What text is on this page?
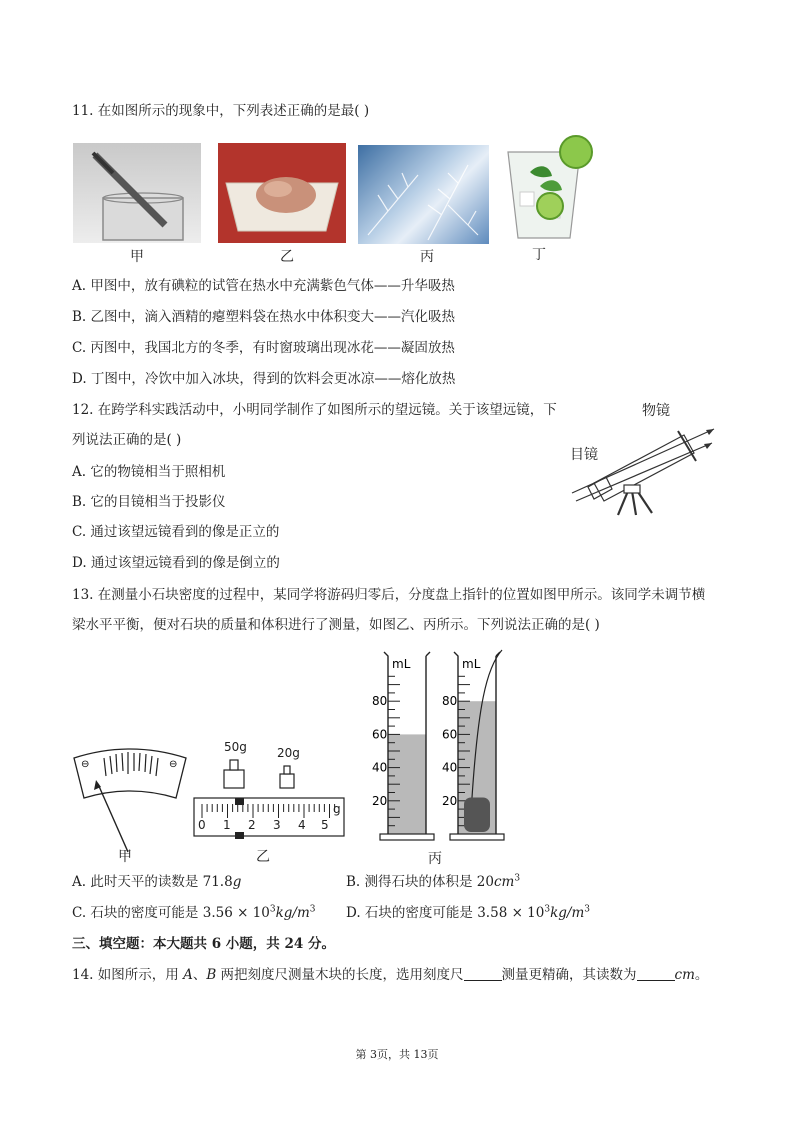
11. 在如图所示的现象中，下列表述正确的是最( )
甲	乙	丙	丁
A. 甲图中，放有碘粒的试管在热水中充满紫色气体——升华吸热
B. 乙图中，滴入酒精的瘪塑料袋在热水中体积变大——汽化吸热
C. 丙图中，我国北方的冬季，有时窗玻璃出现冰花——凝固放热
D. 丁图中，冷饮中加入冰块，得到的饮料会更冰凉——熔化放热
12. 在跨学科实践活动中，小明同学制作了如图所示的望远镜。关于该望远镜，下
列说法正确的是( )
A. 它的物镜相当于照相机
B. 它的目镜相当于投影仪
C. 通过该望远镜看到的像是正立的
D. 通过该望远镜看到的像是倒立的
物镜
目镜
13. 在测量小石块密度的过程中，某同学将游码归零后，分度盘上指针的位置如图甲所示。该同学未调节横
梁水平平衡，便对石块的质量和体积进行了测量，如图乙、丙所示。下列说法正确的是( )
⊖	⊖
甲
50g	20g
0 1 2 3 4 5
g
乙
mL
80
60
40
20
mL
80
60
40
20
丙
A. 此时天平的读数是 71.8g	B. 测得石块的体积是 $20cm^3$
C. 石块的密度可能是 $3.56 \times 10^3kg/m^3$ D. 石块的密度可能是 $3.58 \times 10^3kg/m^3$
三、填空题：本大题共 6 小题，共 24 分。
14. 如图所示，用 A、B 两把刻度尺测量木块的长度，选用刻度尺	测量更精确，其读数为	cm。
第 3页，共 13页
